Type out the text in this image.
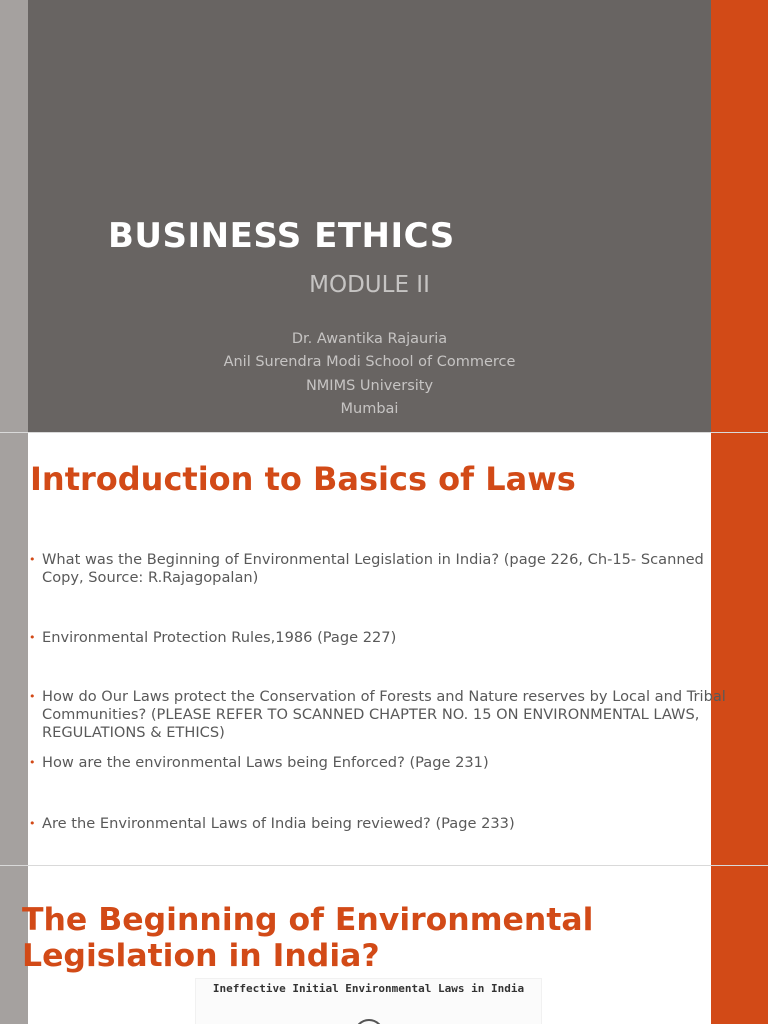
BUSINESS ETHICS
MODULE II
Dr. Awantika Rajauria
Anil Surendra Modi School of Commerce
NMIMS University
Mumbai
Introduction to Basics of Laws
• What was the Beginning of Environmental Legislation in India? (page 226, Ch-15- Scanned Copy, Source: R.Rajagopalan)
• Environmental Protection Rules,1986 (Page 227)
• How do Our Laws protect the Conservation of Forests and Nature reserves by Local and Tribal Communities? (PLEASE REFER TO SCANNED CHAPTER NO. 15 ON ENVIRONMENTAL LAWS, REGULATIONS & ETHICS)
• How are the environmental Laws being Enforced? (Page 231)
• Are the Environmental Laws of India being reviewed? (Page 233)
The Beginning of Environmental Legislation in India?
Ineffective Initial Environmental Laws in India
